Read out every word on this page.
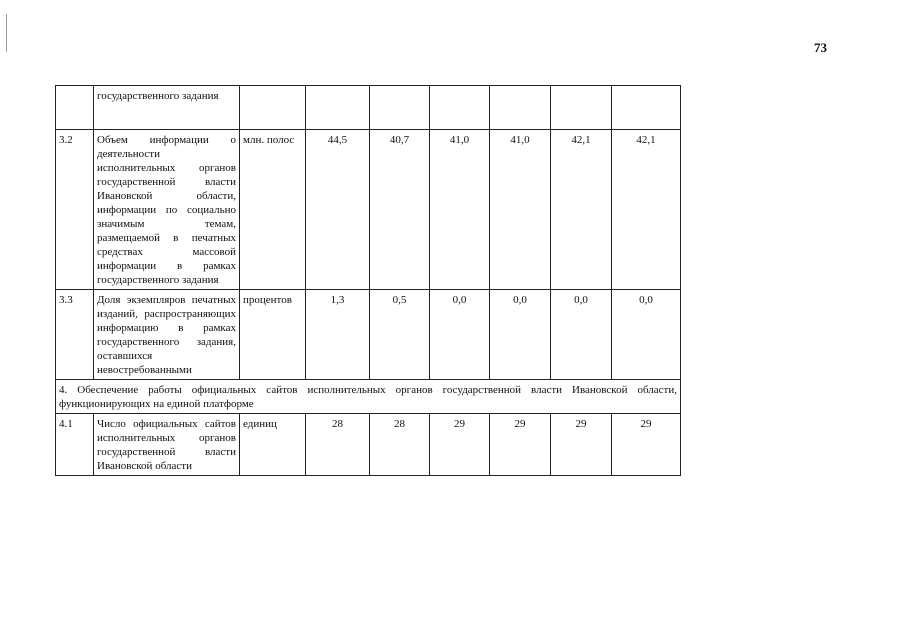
73
	государственного задания							
3.2	Объем информации о деятельности исполнительных органов государственной власти Ивановской области, информации по социально значимым темам, размещаемой в печатных средствах массовой информации в рамках государственного задания	млн. полос	44,5	40,7	41,0	41,0	42,1	42,1
3.3	Доля экземпляров печатных изданий, распространяющих информацию в рамках государственного задания, оставшихся невостребованными	процентов	1,3	0,5	0,0	0,0	0,0	0,0
4. Обеспечение работы официальных сайтов исполнительных органов государственной власти Ивановской области, функционирующих на единой платформе								
4.1	Число официальных сайтов исполнительных органов государственной власти Ивановской области	единиц	28	28	29	29	29	29
